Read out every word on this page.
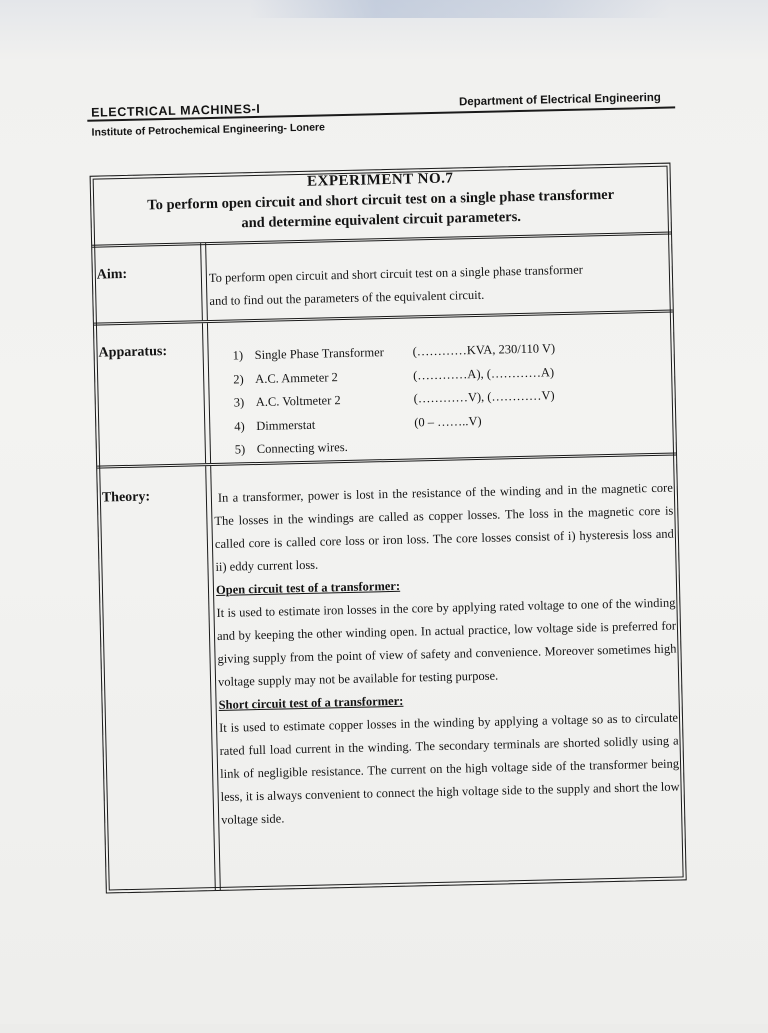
ELECTRICAL MACHINES-I
Institute of Petrochemical Engineering- Lonere
Department of Electrical Engineering
EXPERIMENT NO.7
To perform open circuit and short circuit test on a single phase transformer
and determine equivalent circuit parameters.
Aim:	To perform open circuit and short circuit test on a single phase transformer
and to find out the parameters of the equivalent circuit.
Apparatus:	1) Single Phase Transformer	(…………KVA, 230/110 V)
2) A.C. Ammeter 2	(…………A), (…………A)
3) A.C. Voltmeter 2	(…………V), (…………V)
4) Dimmerstat	(0 – ……..V)
5) Connecting wires.
Theory:	In a transformer, power is lost in the resistance of the winding and in the magnetic core The losses in the windings are called as copper losses. The loss in the magnetic core is called core is called core loss or iron loss. The core losses consist of i) hysteresis loss and ii) eddy current loss.

Open circuit test of a transformer:

It is used to estimate iron losses in the core by applying rated voltage to one of the winding and by keeping the other winding open. In actual practice, low voltage side is preferred for giving supply from the point of view of safety and convenience. Moreover sometimes high voltage supply may not be available for testing purpose.

Short circuit test of a transformer:

It is used to estimate copper losses in the winding by applying a voltage so as to circulate rated full load current in the winding. The secondary terminals are shorted solidly using a link of negligible resistance. The current on the high voltage side of the transformer being less, it is always convenient to connect the high voltage side to the supply and short the low voltage side.
